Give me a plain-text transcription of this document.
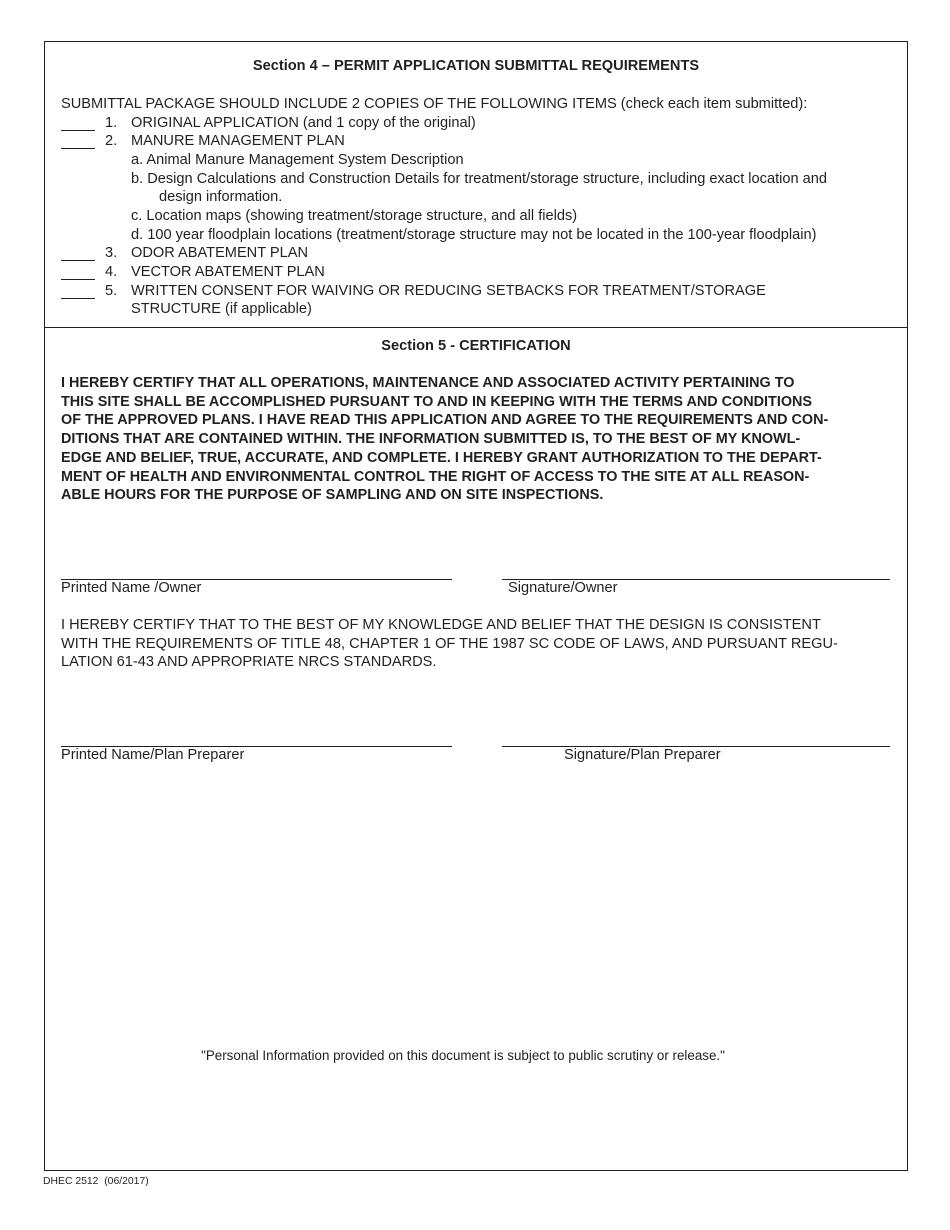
Section 4 – PERMIT APPLICATION SUBMITTAL REQUIREMENTS
SUBMITTAL PACKAGE SHOULD INCLUDE 2 COPIES OF THE FOLLOWING ITEMS (check each item submitted):
1. ORIGINAL APPLICATION (and 1 copy of the original)
2. MANURE MANAGEMENT PLAN
a. Animal Manure Management System Description
b. Design Calculations and Construction Details for treatment/storage structure, including exact location and
design information.
c. Location maps (showing treatment/storage structure, and all fields)
d. 100 year floodplain locations (treatment/storage structure may not be located in the 100-year floodplain)
3. ODOR ABATEMENT PLAN
4. VECTOR ABATEMENT PLAN
5. WRITTEN CONSENT FOR WAIVING OR REDUCING SETBACKS FOR TREATMENT/STORAGE
STRUCTURE (if applicable)
Section 5 - CERTIFICATION
I HEREBY CERTIFY THAT ALL OPERATIONS, MAINTENANCE AND ASSOCIATED ACTIVITY PERTAINING TO
THIS SITE SHALL BE ACCOMPLISHED PURSUANT TO AND IN KEEPING WITH THE TERMS AND CONDITIONS
OF THE APPROVED PLANS. I HAVE READ THIS APPLICATION AND AGREE TO THE REQUIREMENTS AND CON-
DITIONS THAT ARE CONTAINED WITHIN. THE INFORMATION SUBMITTED IS, TO THE BEST OF MY KNOWL-
EDGE AND BELIEF, TRUE, ACCURATE, AND COMPLETE. I HEREBY GRANT AUTHORIZATION TO THE DEPART-
MENT OF HEALTH AND ENVIRONMENTAL CONTROL THE RIGHT OF ACCESS TO THE SITE AT ALL REASON-
ABLE HOURS FOR THE PURPOSE OF SAMPLING AND ON SITE INSPECTIONS.
Printed Name /Owner	Signature/Owner
I HEREBY CERTIFY THAT TO THE BEST OF MY KNOWLEDGE AND BELIEF THAT THE DESIGN IS CONSISTENT
WITH THE REQUIREMENTS OF TITLE 48, CHAPTER 1 OF THE 1987 SC CODE OF LAWS, AND PURSUANT REGU-
LATION 61-43 AND APPROPRIATE NRCS STANDARDS.
Printed Name/Plan Preparer	Signature/Plan Preparer
"Personal Information provided on this document is subject to public scrutiny or release."
DHEC 2512  (06/2017)
